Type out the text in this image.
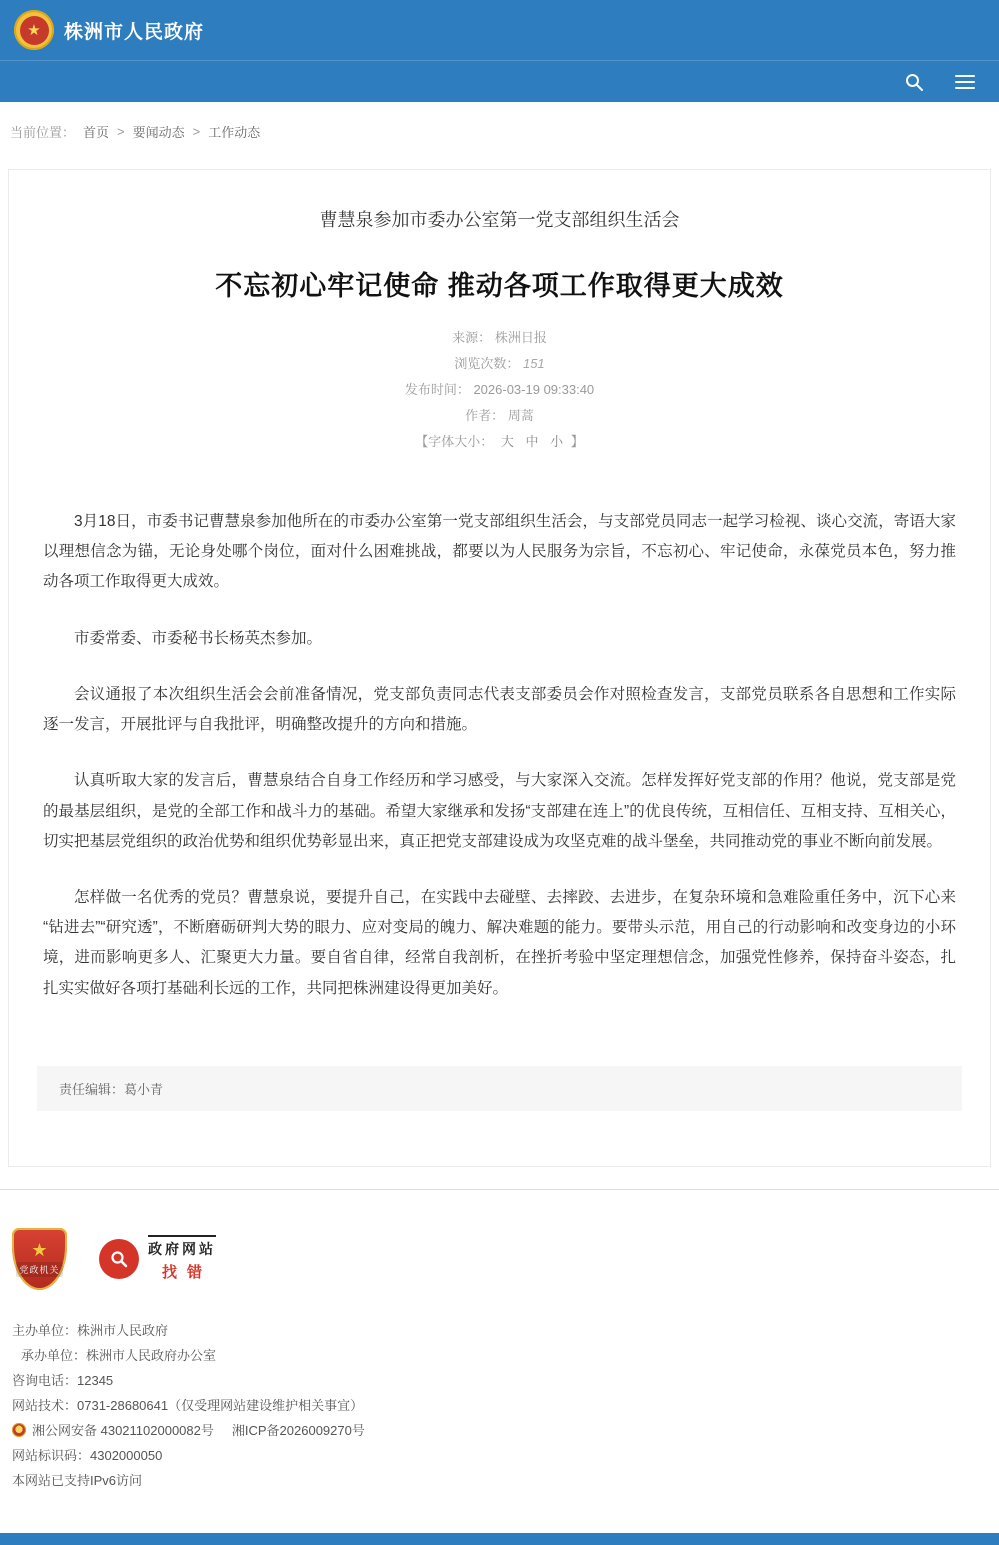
★	株洲市人民政府
当前位置： 首页 > 要闻动态 > 工作动态
曹慧泉参加市委办公室第一党支部组织生活会
不忘初心牢记使命 推动各项工作取得更大成效
来源： 株洲日报
浏览次数： 151
发布时间： 2026-03-19 09:33:40
作者： 周蒿
【字体大小： 大 中 小 】

3月18日，市委书记曹慧泉参加他所在的市委办公室第一党支部组织生活会，与支部党员同志一起学习检视、谈心交流，寄语大家以理想信念为锚，无论身处哪个岗位，面对什么困难挑战，都要以为人民服务为宗旨，不忘初心、牢记使命，永葆党员本色，努力推动各项工作取得更大成效。

市委常委、市委秘书长杨英杰参加。

会议通报了本次组织生活会会前准备情况，党支部负责同志代表支部委员会作对照检查发言，支部党员联系各自思想和工作实际逐一发言，开展批评与自我批评，明确整改提升的方向和措施。

认真听取大家的发言后，曹慧泉结合自身工作经历和学习感受，与大家深入交流。怎样发挥好党支部的作用？他说，党支部是党的最基层组织，是党的全部工作和战斗力的基础。希望大家继承和发扬“支部建在连上”的优良传统，互相信任、互相支持、互相关心，切实把基层党组织的政治优势和组织优势彰显出来，真正把党支部建设成为攻坚克难的战斗堡垒，共同推动党的事业不断向前发展。

怎样做一名优秀的党员？曹慧泉说，要提升自己，在实践中去碰壁、去摔跤、去进步，在复杂环境和急难险重任务中，沉下心来“钻进去”“研究透”，不断磨砺研判大势的眼力、应对变局的魄力、解决难题的能力。要带头示范，用自己的行动影响和改变身边的小环境，进而影响更多人、汇聚更大力量。要自省自律，经常自我剖析，在挫折考验中坚定理想信念，加强党性修养，保持奋斗姿态，扎扎实实做好各项打基础利长远的工作，共同把株洲建设得更加美好。

责任编辑：葛小青
★
党政机关
政府网站
找错
主办单位： 株洲市人民政府
承办单位： 株洲市人民政府办公室
咨询电话： 12345
网站技术： 0731-28680641（仅受理网站建设维护相关事宜）
湘公网安备 43021102000082号 湘ICP备2026009270号
网站标识码： 4302000050
本网站已支持IPv6访问
